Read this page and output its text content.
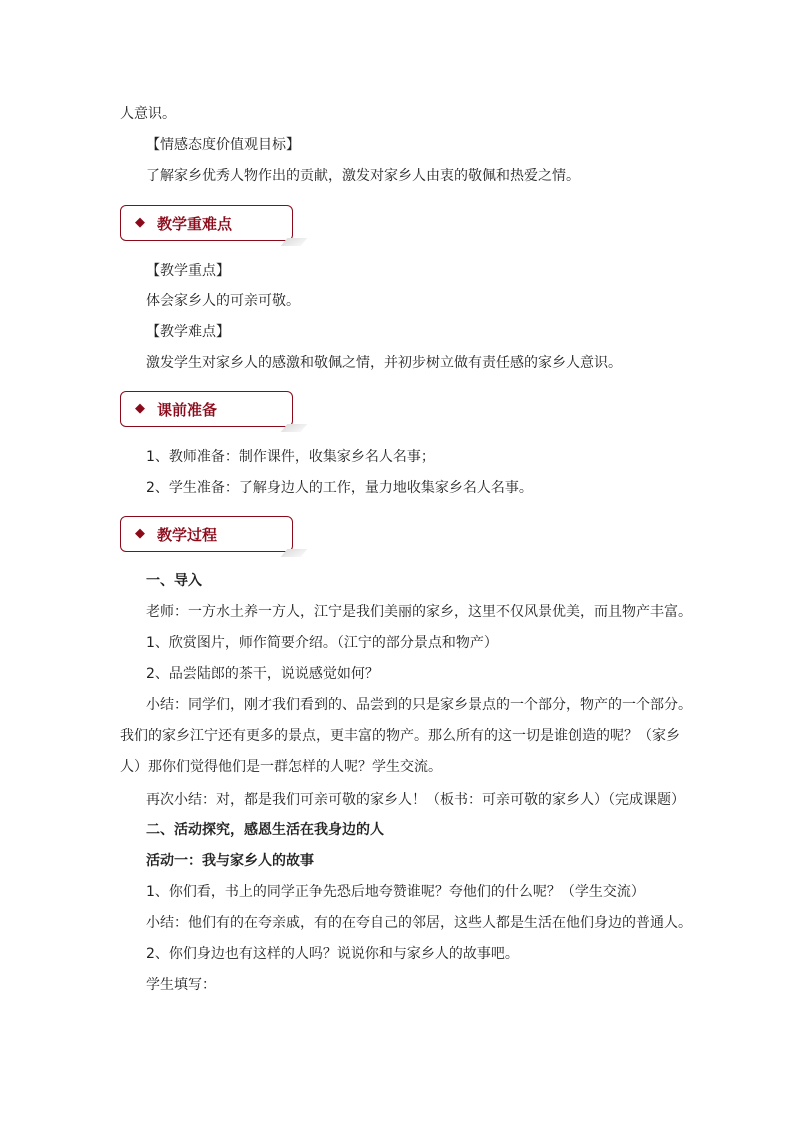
人意识。
【情感态度价值观目标】
了解家乡优秀人物作出的贡献，激发对家乡人由衷的敬佩和热爱之情。
◆ 教学重难点
【教学重点】
体会家乡人的可亲可敬。
【教学难点】
激发学生对家乡人的感激和敬佩之情，并初步树立做有责任感的家乡人意识。
◆ 课前准备
1、教师准备：制作课件，收集家乡名人名事；
2、学生准备：了解身边人的工作，量力地收集家乡名人名事。
◆ 教学过程
一、导入
老师：一方水土养一方人，江宁是我们美丽的家乡，这里不仅风景优美，而且物产丰富。
1、欣赏图片，师作简要介绍。（江宁的部分景点和物产）
2、品尝陆郎的茶干，说说感觉如何？
小结：同学们，刚才我们看到的、品尝到的只是家乡景点的一个部分，物产的一个部分。
我们的家乡江宁还有更多的景点，更丰富的物产。那么所有的这一切是谁创造的呢？（家乡
人）那你们觉得他们是一群怎样的人呢？学生交流。
再次小结：对，都是我们可亲可敬的家乡人！（板书：可亲可敬的家乡人）（完成课题）
二、活动探究，感恩生活在我身边的人
活动一：我与家乡人的故事
1、你们看，书上的同学正争先恐后地夸赞谁呢？夸他们的什么呢？（学生交流）
小结：他们有的在夸亲戚，有的在夸自己的邻居，这些人都是生活在他们身边的普通人。
2、你们身边也有这样的人吗？说说你和与家乡人的故事吧。
学生填写：
